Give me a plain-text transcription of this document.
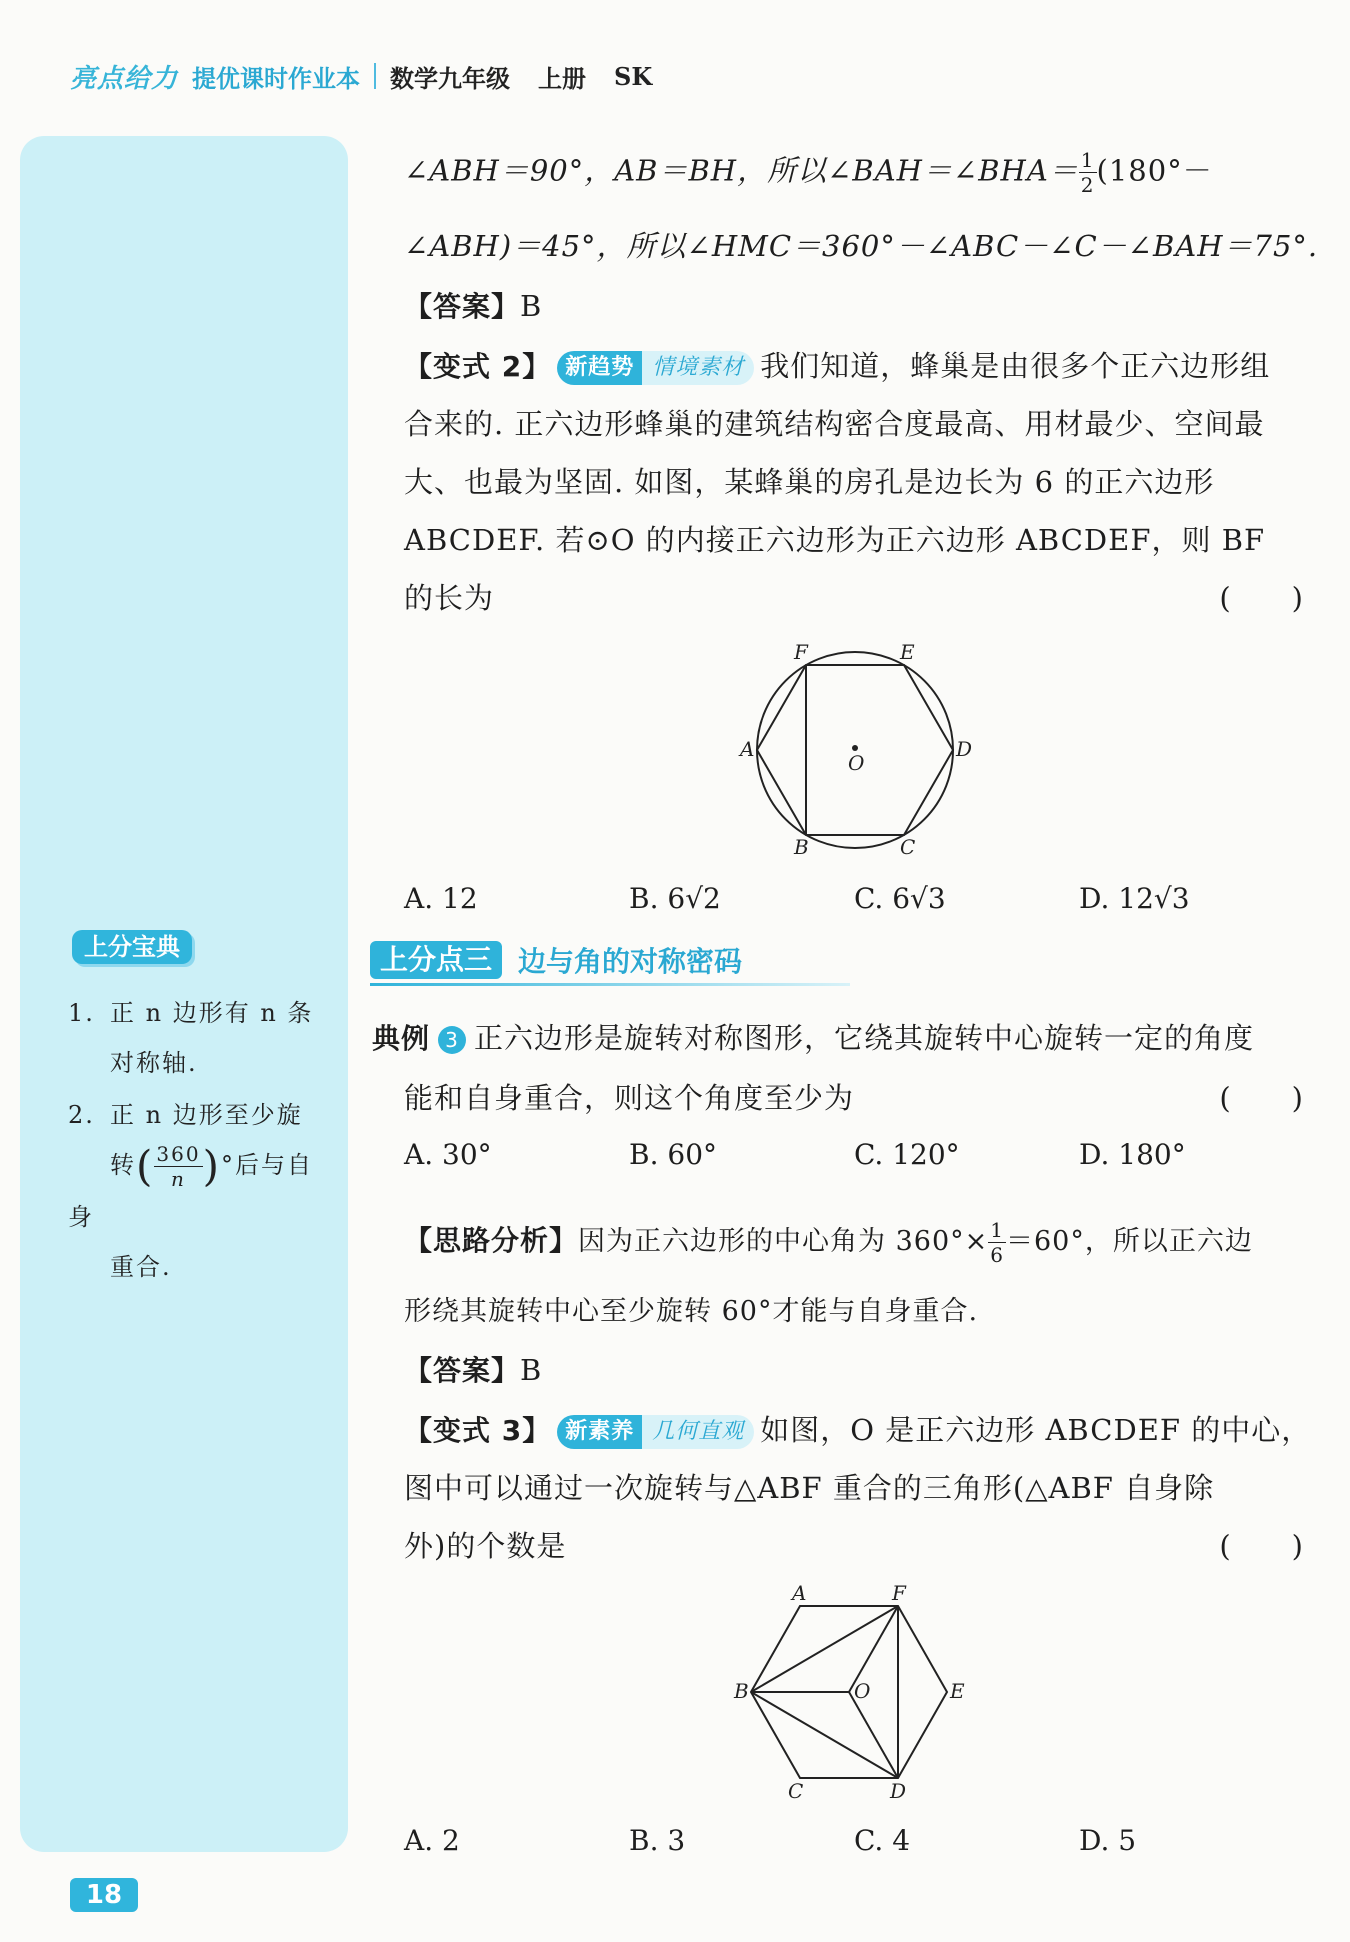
亮点给力 提优课时作业本 数学九年级 上册 SK
上分宝典
1. 正 n 边形有 n 条
对称轴.
2. 正 n 边形至少旋
转( $\frac{360}{n}$ )°后与自身
重合.
∠ABH＝90°，AB＝BH，所以∠BAH＝∠BHA＝ $\frac{1}{2} (180^\circ-$
∠ABH)＝45°，所以∠HMC＝360°－∠ABC－∠C－∠BAH＝75°.
【答案】B
【变式 2】 新趋势 情境素材 我们知道，蜂巢是由很多个正六边形组
合来的. 正六边形蜂巢的建筑结构密合度最高、用材最少、空间最
大、也最为坚固. 如图，某蜂巢的房孔是边长为 6 的正六边形
ABCDEF. 若⊙O 的内接正六边形为正六边形 ABCDEF，则 BF
的长为	(　　)
F	E
A	D
B	C
O
A. 12	B. 6√2	C. 6√3	D. 12√3
上分点三 边与角的对称密码
典例 3 正六边形是旋转对称图形，它绕其旋转中心旋转一定的角度
能和自身重合，则这个角度至少为	(　　)
A. 30°	B. 60°	C. 120°	D. 180°
【思路分析】因为正六边形的中心角为 $360^\circ\times \frac{1}{6} =60^\circ$，所以正六边
形绕其旋转中心至少旋转 60°才能与自身重合.
【答案】B
【变式 3】 新素养 几何直观 如图，O 是正六边形 ABCDEF 的中心，
图中可以通过一次旋转与△ABF 重合的三角形(△ABF 自身除
外)的个数是	(　　)
A	F
B	O	E
C	D
A. 2	B. 3	C. 4	D. 5
18
